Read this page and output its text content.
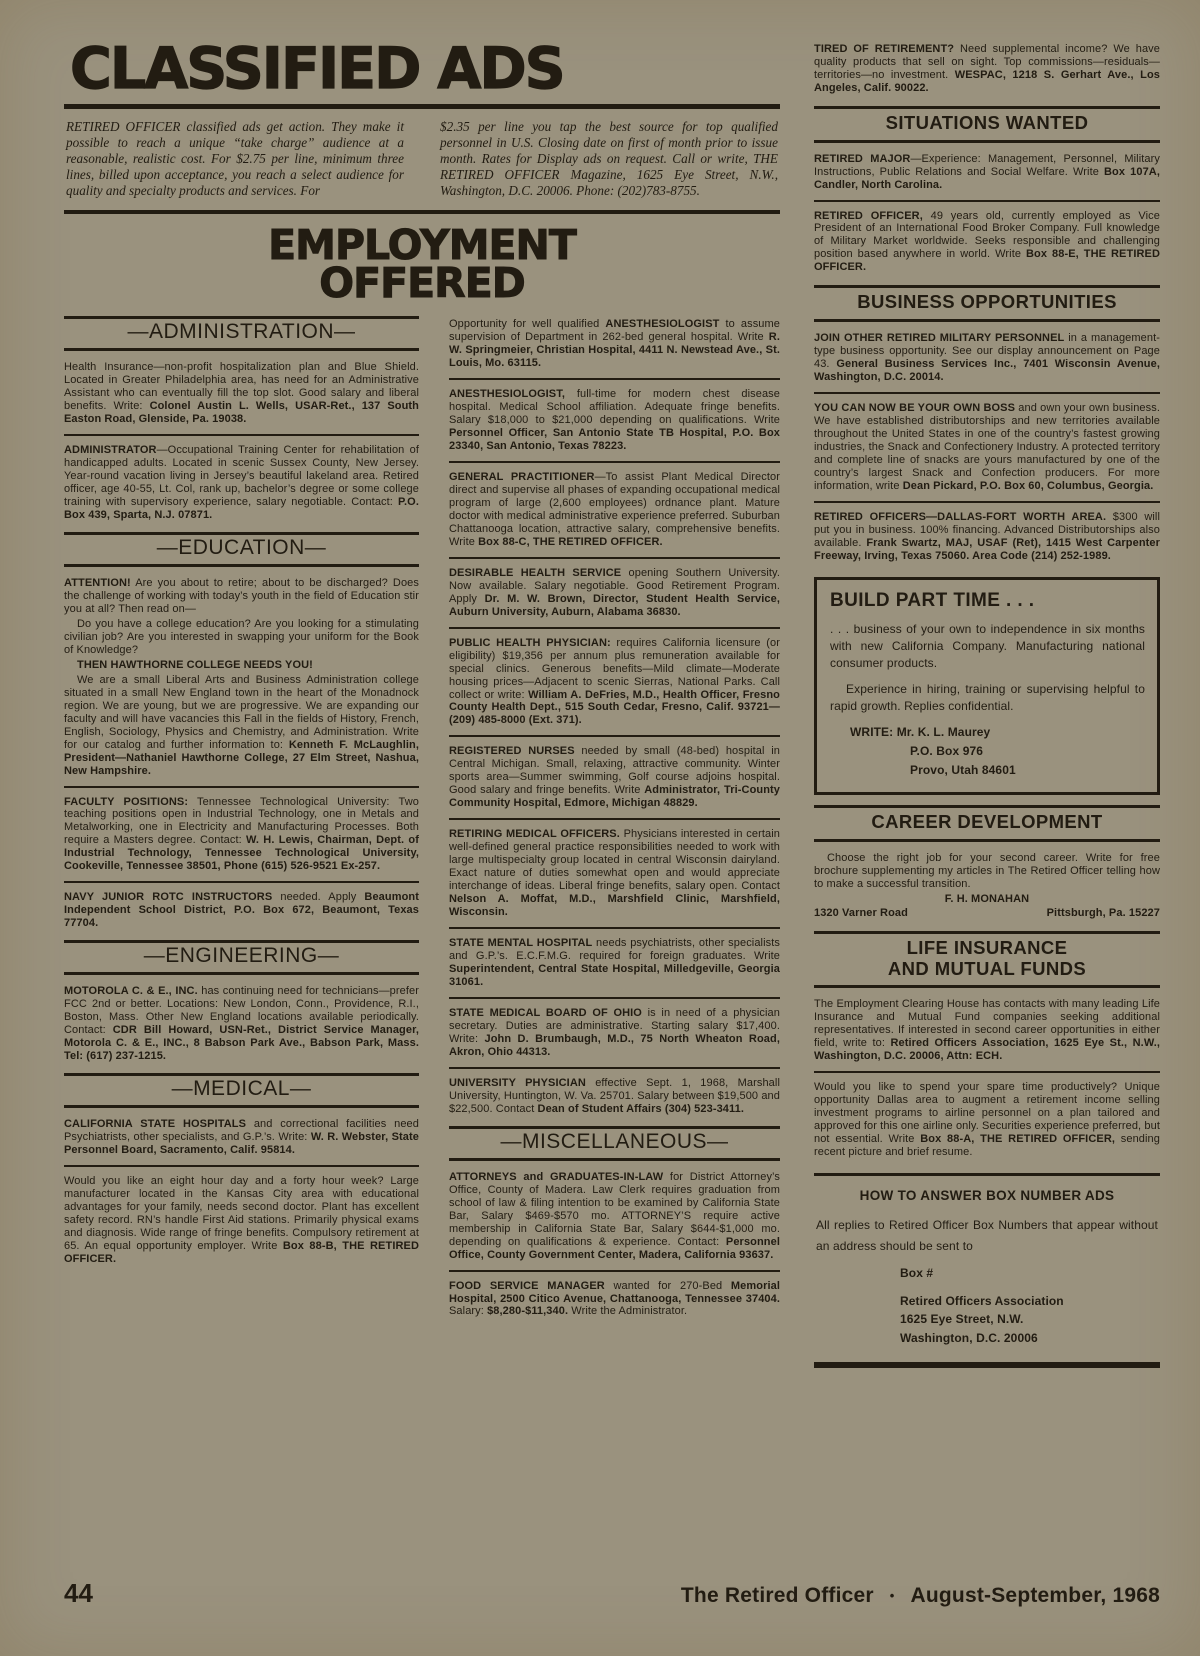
CLASSIFIED ADS

RETIRED OFFICER classified ads get action. They make it possible to reach a unique “take charge” audience at a reasonable, realistic cost. For $2.75 per line, minimum three lines, billed upon acceptance, you reach a select audience for quality and specialty products and services. For

$2.35 per line you tap the best source for top qualified personnel in U.S. Closing date on first of month prior to issue month. Rates for Display ads on request. Call or write, THE RETIRED OFFICER Magazine, 1625 Eye Street, N.W., Washington, D.C. 20006. Phone: (202)783-8755.

EMPLOYMENT
OFFERED
—ADMINISTRATION—

Health Insurance—non-profit hospitalization plan and Blue Shield. Located in Greater Philadelphia area, has need for an Administrative Assistant who can eventually fill the top slot. Good salary and liberal benefits. Write: Colonel Austin L. Wells, USAR-Ret., 137 South Easton Road, Glenside, Pa. 19038.

ADMINISTRATOR—Occupational Training Center for rehabilitation of handicapped adults. Located in scenic Sussex County, New Jersey. Year-round vacation living in Jersey’s beautiful lakeland area. Retired officer, age 40-55, Lt. Col, rank up, bachelor’s degree or some college training with supervisory experience, salary negotiable. Contact: P.O. Box 439, Sparta, N.J. 07871.

—EDUCATION—

ATTENTION! Are you about to retire; about to be discharged? Does the challenge of working with today’s youth in the field of Education stir you at all? Then read on—

Do you have a college education? Are you looking for a stimulating civilian job? Are you interested in swapping your uniform for the Book of Knowledge?

THEN HAWTHORNE COLLEGE NEEDS YOU!

We are a small Liberal Arts and Business Administration college situated in a small New England town in the heart of the Monadnock region. We are young, but we are progressive. We are expanding our faculty and will have vacancies this Fall in the fields of History, French, English, Sociology, Physics and Chemistry, and Administration. Write for our catalog and further information to: Kenneth F. McLaughlin, President—Nathaniel Hawthorne College, 27 Elm Street, Nashua, New Hampshire.

FACULTY POSITIONS: Tennessee Technological University: Two teaching positions open in Industrial Technology, one in Metals and Metalworking, one in Electricity and Manufacturing Processes. Both require a Masters degree. Contact: W. H. Lewis, Chairman, Dept. of Industrial Technology, Tennessee Technological University, Cookeville, Tennessee 38501, Phone (615) 526-9521 Ex-257.

NAVY JUNIOR ROTC INSTRUCTORS needed. Apply Beaumont Independent School District, P.O. Box 672, Beaumont, Texas 77704.

—ENGINEERING—

MOTOROLA C. & E., INC. has continuing need for technicians—prefer FCC 2nd or better. Locations: New London, Conn., Providence, R.I., Boston, Mass. Other New England locations available periodically. Contact: CDR Bill Howard, USN-Ret., District Service Manager, Motorola C. & E., INC., 8 Babson Park Ave., Babson Park, Mass. Tel: (617) 237-1215.

—MEDICAL—

CALIFORNIA STATE HOSPITALS and correctional facilities need Psychiatrists, other specialists, and G.P.’s. Write: W. R. Webster, State Personnel Board, Sacramento, Calif. 95814.

Would you like an eight hour day and a forty hour week? Large manufacturer located in the Kansas City area with educational advantages for your family, needs second doctor. Plant has excellent safety record. RN’s handle First Aid stations. Primarily physical exams and diagnosis. Wide range of fringe benefits. Compulsory retirement at 65. An equal opportunity employer. Write Box 88-B, THE RETIRED OFFICER.

Opportunity for well qualified ANESTHESIOLOGIST to assume supervision of Department in 262-bed general hospital. Write R. W. Springmeier, Christian Hospital, 4411 N. Newstead Ave., St. Louis, Mo. 63115.

ANESTHESIOLOGIST, full-time for modern chest disease hospital. Medical School affiliation. Adequate fringe benefits. Salary $18,000 to $21,000 depending on qualifications. Write Personnel Officer, San Antonio State TB Hospital, P.O. Box 23340, San Antonio, Texas 78223.

GENERAL PRACTITIONER—To assist Plant Medical Director direct and supervise all phases of expanding occupational medical program of large (2,600 employees) ordnance plant. Mature doctor with medical administrative experience preferred. Suburban Chattanooga location, attractive salary, comprehensive benefits. Write Box 88-C, THE RETIRED OFFICER.

DESIRABLE HEALTH SERVICE opening Southern University. Now available. Salary negotiable. Good Retirement Program. Apply Dr. M. W. Brown, Director, Student Health Service, Auburn University, Auburn, Alabama 36830.

PUBLIC HEALTH PHYSICIAN: requires California licensure (or eligibility) $19,356 per annum plus remuneration available for special clinics. Generous benefits—Mild climate—Moderate housing prices—Adjacent to scenic Sierras, National Parks. Call collect or write: William A. DeFries, M.D., Health Officer, Fresno County Health Dept., 515 South Cedar, Fresno, Calif. 93721—(209) 485-8000 (Ext. 371).

REGISTERED NURSES needed by small (48-bed) hospital in Central Michigan. Small, relaxing, attractive community. Winter sports area—Summer swimming, Golf course adjoins hospital. Good salary and fringe benefits. Write Administrator, Tri-County Community Hospital, Edmore, Michigan 48829.

RETIRING MEDICAL OFFICERS. Physicians interested in certain well-defined general practice responsibilities needed to work with large multispecialty group located in central Wisconsin dairyland. Exact nature of duties somewhat open and would appreciate interchange of ideas. Liberal fringe benefits, salary open. Contact Nelson A. Moffat, M.D., Marshfield Clinic, Marshfield, Wisconsin.

STATE MENTAL HOSPITAL needs psychiatrists, other specialists and G.P.’s. E.C.F.M.G. required for foreign graduates. Write Superintendent, Central State Hospital, Milledgeville, Georgia 31061.

STATE MEDICAL BOARD OF OHIO is in need of a physician secretary. Duties are administrative. Starting salary $17,400. Write: John D. Brumbaugh, M.D., 75 North Wheaton Road, Akron, Ohio 44313.

UNIVERSITY PHYSICIAN effective Sept. 1, 1968, Marshall University, Huntington, W. Va. 25701. Salary between $19,500 and $22,500. Contact Dean of Student Affairs (304) 523-3411.

—MISCELLANEOUS—

ATTORNEYS and GRADUATES-IN-LAW for District Attorney’s Office, County of Madera. Law Clerk requires graduation from school of law & filing intention to be examined by California State Bar, Salary $469-$570 mo. ATTORNEY’S require active membership in California State Bar, Salary $644-$1,000 mo. depending on qualifications & experience. Contact: Personnel Office, County Government Center, Madera, California 93637.

FOOD SERVICE MANAGER wanted for 270-Bed Memorial Hospital, 2500 Citico Avenue, Chattanooga, Tennessee 37404. Salary: $8,280-$11,340. Write the Administrator.

TIRED OF RETIREMENT? Need supplemental income? We have quality products that sell on sight. Top commissions—residuals—territories—no investment. WESPAC, 1218 S. Gerhart Ave., Los Angeles, Calif. 90022.

SITUATIONS WANTED

RETIRED MAJOR—Experience: Management, Personnel, Military Instructions, Public Relations and Social Welfare. Write Box 107A, Candler, North Carolina.

RETIRED OFFICER, 49 years old, currently employed as Vice President of an International Food Broker Company. Full knowledge of Military Market worldwide. Seeks responsible and challenging position based anywhere in world. Write Box 88-E, THE RETIRED OFFICER.

BUSINESS OPPORTUNITIES

JOIN OTHER RETIRED MILITARY PERSONNEL in a management-type business opportunity. See our display announcement on Page 43. General Business Services Inc., 7401 Wisconsin Avenue, Washington, D.C. 20014.

YOU CAN NOW BE YOUR OWN BOSS and own your own business. We have established distributorships and new territories available throughout the United States in one of the country’s fastest growing industries, the Snack and Confectionery Industry. A protected territory and complete line of snacks are yours manufactured by one of the country’s largest Snack and Confection producers. For more information, write Dean Pickard, P.O. Box 60, Columbus, Georgia.

RETIRED OFFICERS—DALLAS-FORT WORTH AREA. $300 will put you in business. 100% financing. Advanced Distributorships also available. Frank Swartz, MAJ, USAF (Ret), 1415 West Carpenter Freeway, Irving, Texas 75060. Area Code (214) 252-1989.

BUILD PART TIME . . .

. . . business of your own to independence in six months with new California Company. Manufacturing national consumer products.

Experience in hiring, training or supervising helpful to rapid growth. Replies confidential.

WRITE: Mr. K. L. Maurey

P.O. Box 976

Provo, Utah 84601

CAREER DEVELOPMENT

Choose the right job for your second career. Write for free brochure supplementing my articles in The Retired Officer telling how to make a successful transition.

F. H. MONAHAN

1320 Varner Road	Pittsburgh, Pa. 15227

LIFE INSURANCE
AND MUTUAL FUNDS

The Employment Clearing House has contacts with many leading Life Insurance and Mutual Fund companies seeking additional representatives. If interested in second career opportunities in either field, write to: Retired Officers Association, 1625 Eye St., N.W., Washington, D.C. 20006, Attn: ECH.

Would you like to spend your spare time productively? Unique opportunity Dallas area to augment a retirement income selling investment programs to airline personnel on a plan tailored and approved for this one airline only. Securities experience preferred, but not essential. Write Box 88-A, THE RETIRED OFFICER, sending recent picture and brief resume.

HOW TO ANSWER BOX NUMBER ADS

All replies to Retired Officer Box Numbers that appear without an address should be sent to

Box #

Retired Officers Association

1625 Eye Street, N.W.

Washington, D.C. 20006

44	The Retired Officer • August-September, 1968
